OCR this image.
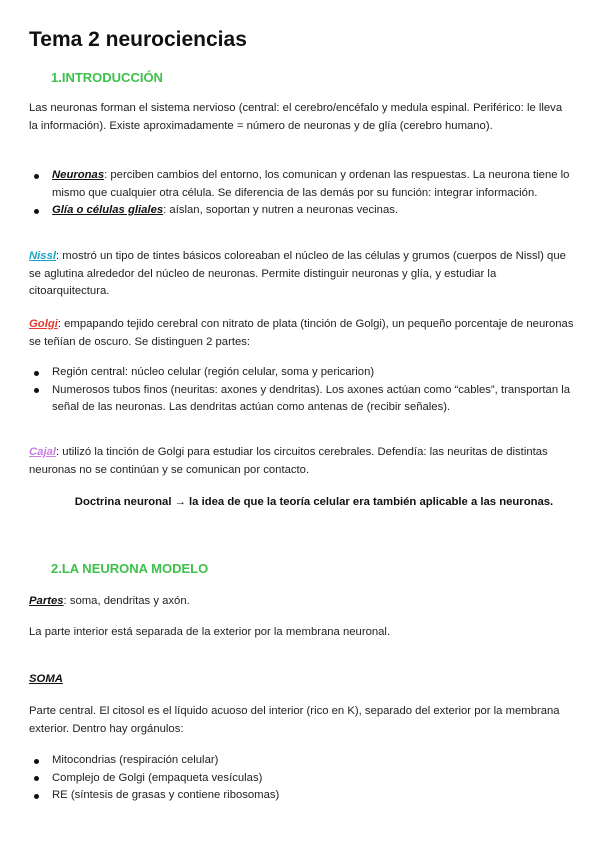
Tema 2 neurociencias
1.INTRODUCCIÓN

Las neuronas forman el sistema nervioso (central: el cerebro/encéfalo y medula espinal. Periférico: le lleva la información). Existe aproximadamente = número de neuronas y de glía (cerebro humano).

Neuronas: perciben cambios del entorno, los comunican y ordenan las respuestas. La neurona tiene lo mismo que cualquier otra célula. Se diferencia de las demás por su función: integrar información.
Glía o células gliales: aíslan, soportan y nutren a neuronas vecinas.

Nissl: mostró un tipo de tintes básicos coloreaban el núcleo de las células y grumos (cuerpos de Nissl) que se aglutina alrededor del núcleo de neuronas. Permite distinguir neuronas y glía, y estudiar la citoarquitectura.

Golgi: empapando tejido cerebral con nitrato de plata (tinción de Golgi), un pequeño porcentaje de neuronas se teñían de oscuro. Se distinguen 2 partes:

Región central: núcleo celular (región celular, soma y pericarion)
Numerosos tubos finos (neuritas: axones y dendritas). Los axones actúan como “cables”, transportan la señal de las neuronas. Las dendritas actúan como antenas de (recibir señales).

Cajal: utilizó la tinción de Golgi para estudiar los circuitos cerebrales. Defendía: las neuritas de distintas neuronas no se continúan y se comunican por contacto.

Doctrina neuronal → la idea de que la teoría celular era también aplicable a las neuronas.
2.LA NEURONA MODELO

Partes: soma, dendritas y axón.

La parte interior está separada de la exterior por la membrana neuronal.

SOMA

Parte central. El citosol es el líquido acuoso del interior (rico en K), separado del exterior por la membrana exterior. Dentro hay orgánulos:

Mitocondrias (respiración celular)
Complejo de Golgi (empaqueta vesículas)
RE (síntesis de grasas y contiene ribosomas)
